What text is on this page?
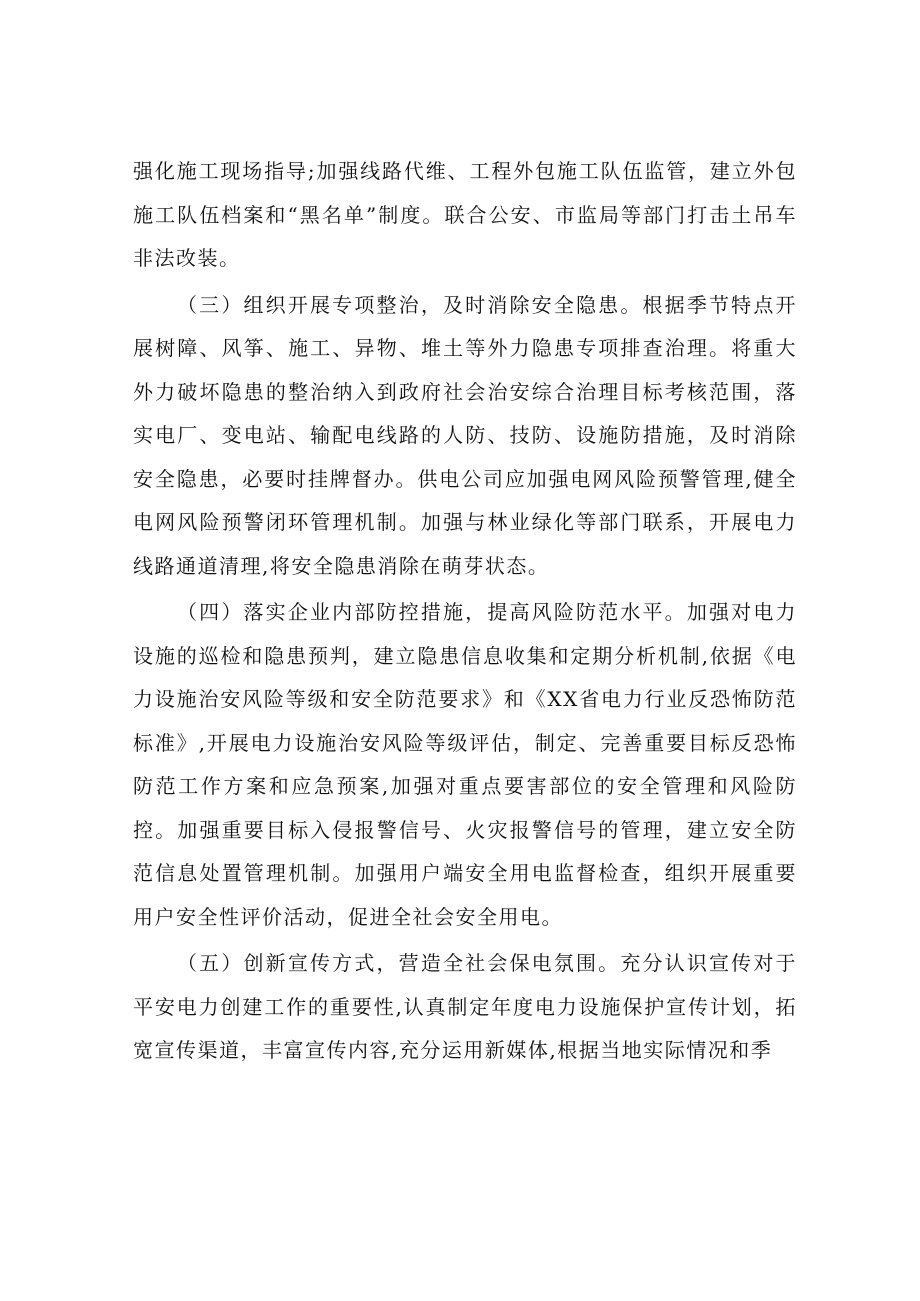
强化施工现场指导;加强线路代维、工程外包施工队伍监管，建立外包施工队伍档案和“黑名单”制度。联合公安、市监局等部门打击土吊车非法改装。

（三）组织开展专项整治，及时消除安全隐患。根据季节特点开展树障、风筝、施工、异物、堆土等外力隐患专项排查治理。将重大外力破坏隐患的整治纳入到政府社会治安综合治理目标考核范围，落实电厂、变电站、输配电线路的人防、技防、设施防措施，及时消除安全隐患，必要时挂牌督办。供电公司应加强电网风险预警管理,健全电网风险预警闭环管理机制。加强与林业绿化等部门联系，开展电力线路通道清理,将安全隐患消除在萌芽状态。

（四）落实企业内部防控措施，提高风险防范水平。加强对电力设施的巡检和隐患预判，建立隐患信息收集和定期分析机制,依据《电力设施治安风险等级和安全防范要求》和《XX省电力行业反恐怖防范标准》,开展电力设施治安风险等级评估，制定、完善重要目标反恐怖防范工作方案和应急预案,加强对重点要害部位的安全管理和风险防控。加强重要目标入侵报警信号、火灾报警信号的管理，建立安全防范信息处置管理机制。加强用户端安全用电监督检查，组织开展重要用户安全性评价活动，促进全社会安全用电。

（五）创新宣传方式，营造全社会保电氛围。充分认识宣传对于平安电力创建工作的重要性,认真制定年度电力设施保护宣传计划，拓宽宣传渠道，丰富宣传内容,充分运用新媒体,根据当地实际情况和季
